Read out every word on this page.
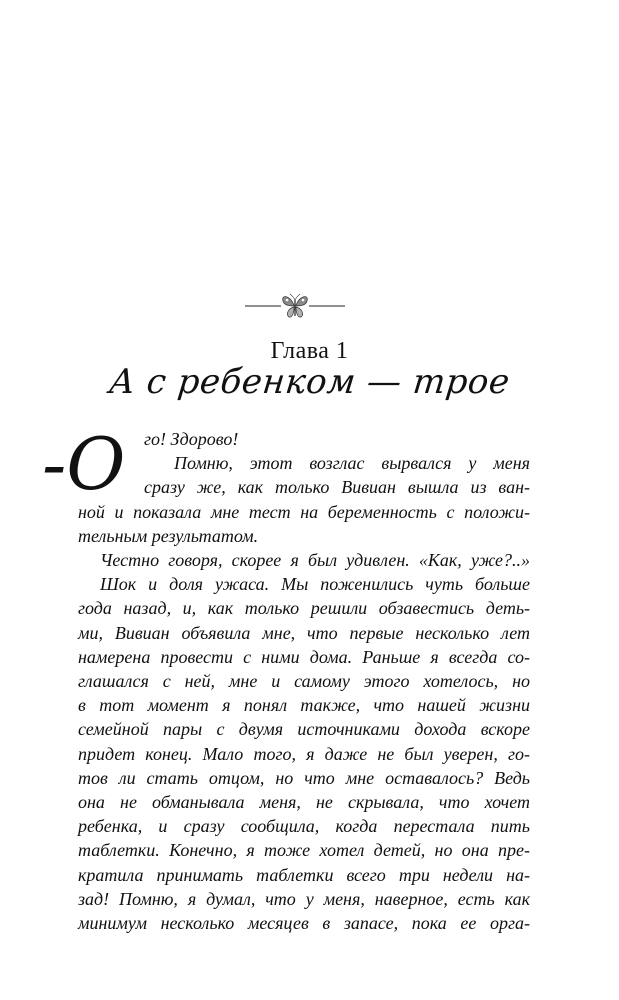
Глава 1
А с ребенком — трое
-О	го! Здорово!
Помню, этот возглас вырвался у меня
сразу же, как только Вивиан вышла из ван-
ной и показала мне тест на беременность с положи-
тельным результатом.
Честно говоря, скорее я был удивлен. «Как, уже?..»
Шок и доля ужаса. Мы поженились чуть больше
года назад, и, как только решили обзавестись деть-
ми, Вивиан объявила мне, что первые несколько лет
намерена провести с ними дома. Раньше я всегда со-
глашался с ней, мне и самому этого хотелось, но
в тот момент я понял также, что нашей жизни
семейной пары с двумя источниками дохода вскоре
придет конец. Мало того, я даже не был уверен, го-
тов ли стать отцом, но что мне оставалось? Ведь
она не обманывала меня, не скрывала, что хочет
ребенка, и сразу сообщила, когда перестала пить
таблетки. Конечно, я тоже хотел детей, но она пре-
кратила принимать таблетки всего три недели на-
зад! Помню, я думал, что у меня, наверное, есть как
минимум несколько месяцев в запасе, пока ее орга-
